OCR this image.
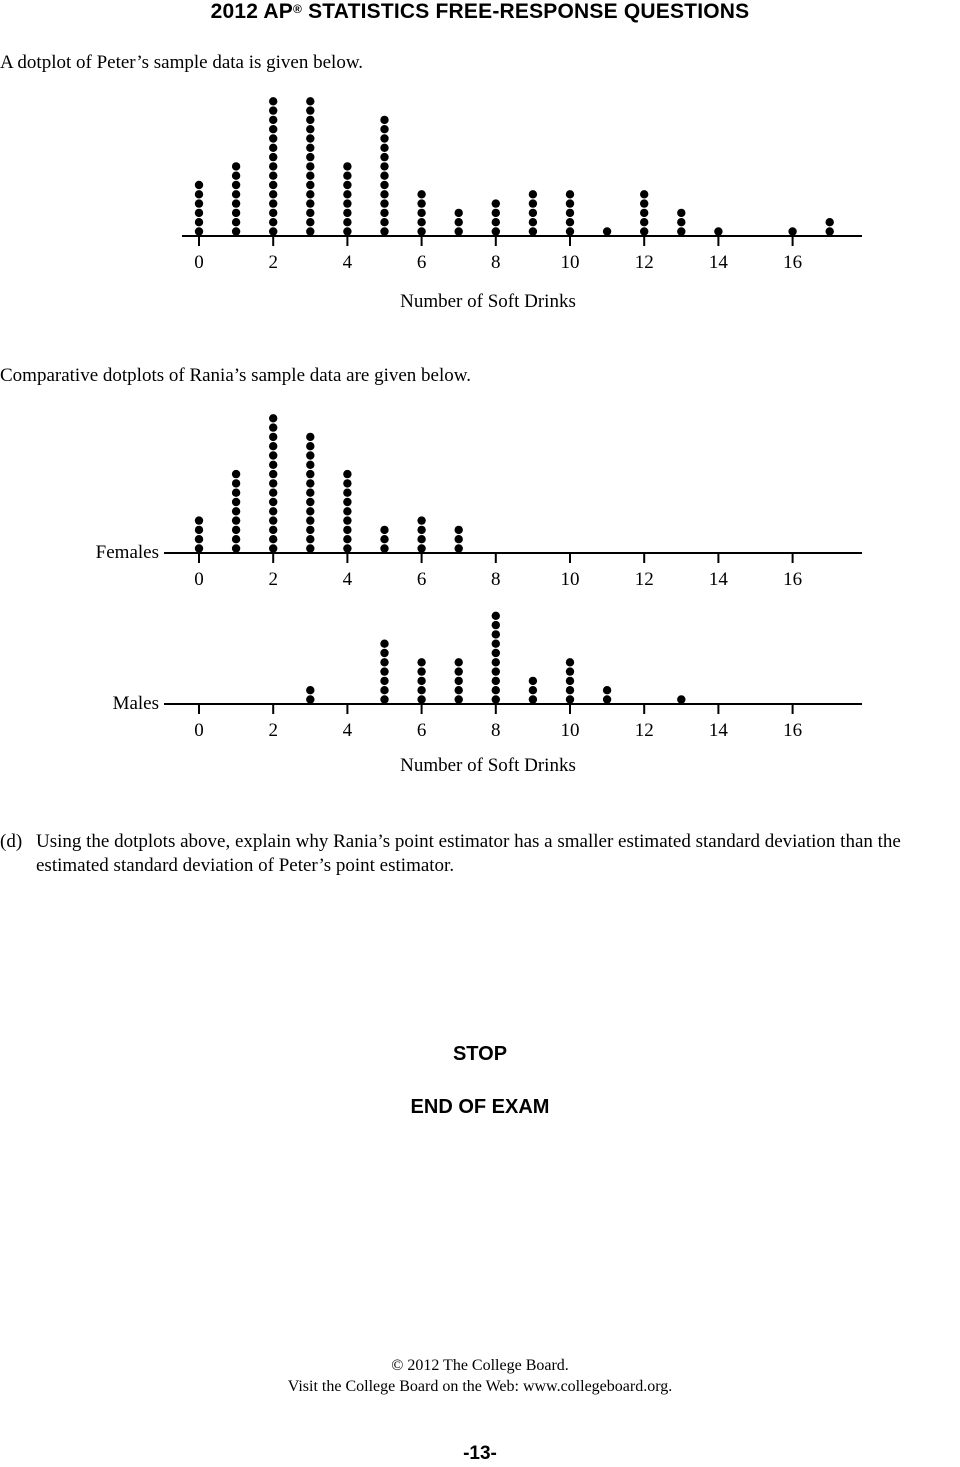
2012 AP® STATISTICS FREE-RESPONSE QUESTIONS
A dotplot of Peter’s sample data is given below.
0	2	4	6	8	10	12	14	16
Number of Soft Drinks
0	2	4	6	8	10	12	14	16
Females
0	2	4	6	8	10	12	14	16
Males
Number of Soft Drinks
Comparative dotplots of Rania’s sample data are given below.
(d) Using the dotplots above, explain why Rania’s point estimator has a smaller estimated standard deviation than the estimated standard deviation of Peter’s point estimator.
STOP
END OF EXAM
© 2012 The College Board.
Visit the College Board on the Web: www.collegeboard.org.
-13-
